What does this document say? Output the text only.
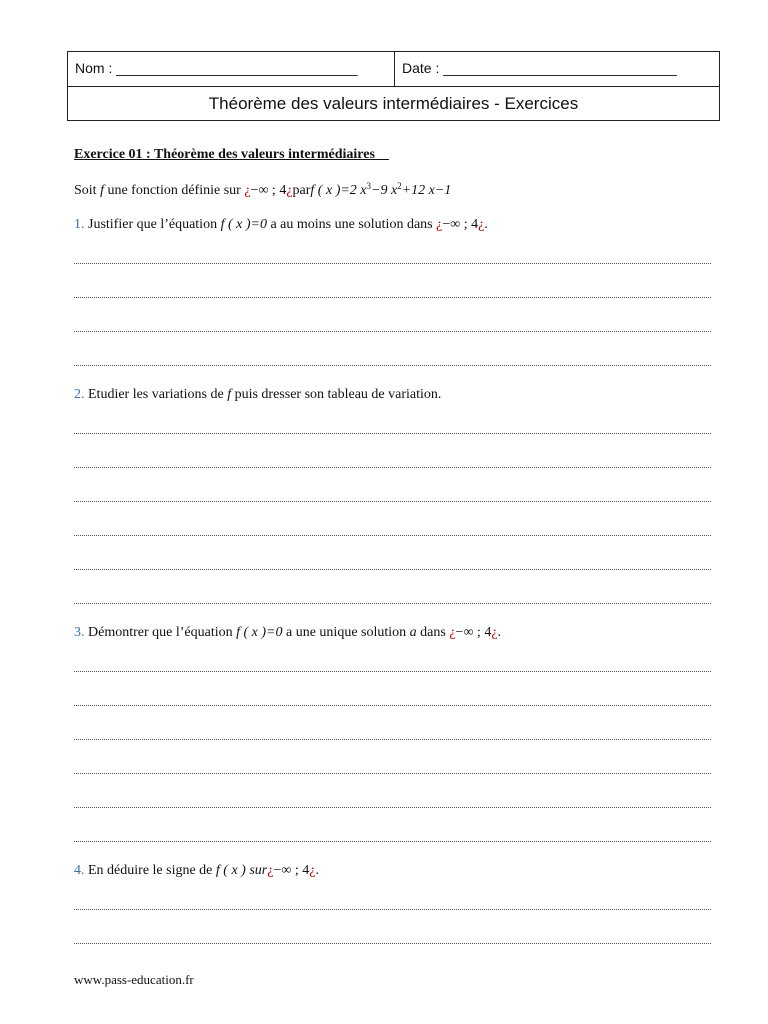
Nom : _______________________________	Date : ______________________________
Théorème des valeurs intermédiaires - Exercices
Exercice 01 : Théorème des valeurs intermédiaires
Soit f une fonction définie sur ¿−∞ ; 4¿parf ( x )=2 $x^3-9$ $x^2+12$ x−1
1. Justifier que l’équation f ( x )=0 a au moins une solution dans ¿−∞ ; 4¿.
2. Etudier les variations de f puis dresser son tableau de variation.
3. Démontrer que l’équation f ( x )=0 a une unique solution a dans ¿−∞ ; 4¿.
4. En déduire le signe de f ( x ) sur¿−∞ ; 4¿.
www.pass-education.fr
